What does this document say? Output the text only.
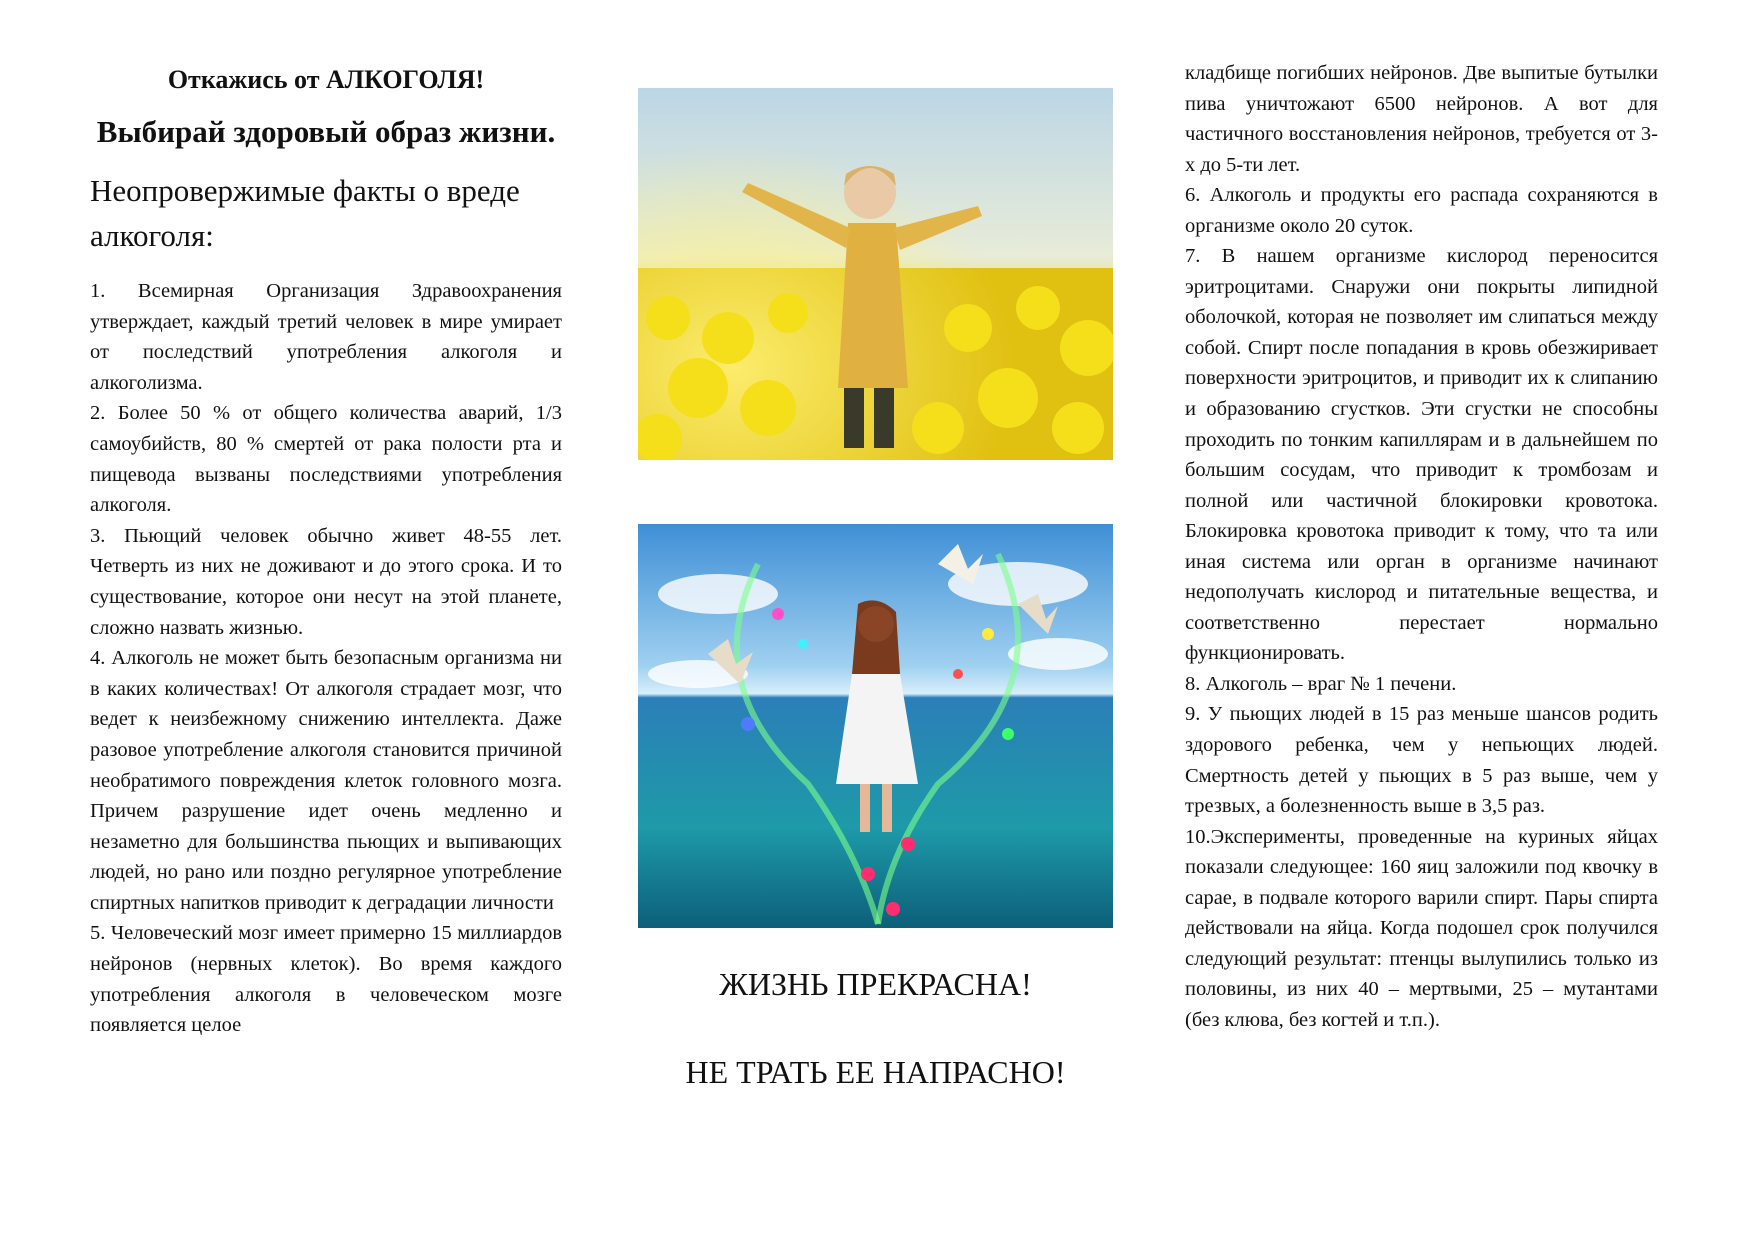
Откажись от АЛКОГОЛЯ!
Выбирай здоровый образ жизни.
Неопровержимые факты о вреде алкоголя:

1. Всемирная Организация Здравоохранения утверждает, каждый третий человек в мире умирает от последствий употребления алкоголя и алкоголизма.

2. Более 50 % от общего количества аварий, 1/3 самоубийств, 80 % смертей от рака полости рта и пищевода вызваны последствиями употребления алкоголя.

3. Пьющий человек обычно живет 48-55 лет. Четверть из них не доживают и до этого срока. И то существование, которое они несут на этой планете, сложно назвать жизнью.

4. Алкоголь не может быть безопасным организма ни в каких количествах! От алкоголя страдает мозг, что ведет к неизбежному снижению интеллекта. Даже разовое употребление алкоголя становится причиной необратимого повреждения клеток головного мозга. Причем разрушение идет очень медленно и незаметно для большинства пьющих и выпивающих людей, но рано или поздно регулярное употребление спиртных напитков приводит к деградации личности

5. Человеческий мозг имеет примерно 15 миллиардов нейронов (нервных клеток). Во время каждого употребления алкоголя в человеческом мозге появляется целое

ЖИЗНЬ ПРЕКРАСНА!

НЕ ТРАТЬ ЕЕ НАПРАСНО!

кладбище погибших нейронов. Две выпитые бутылки пива уничтожают 6500 нейронов. А вот для частичного восстановления нейронов, требуется от 3-х до 5-ти лет.

6. Алкоголь и продукты его распада сохраняются в организме около 20 суток.

7. В нашем организме кислород переносится эритроцитами. Снаружи они покрыты липидной оболочкой, которая не позволяет им слипаться между собой. Спирт после попадания в кровь обезжиривает поверхности эритроцитов, и приводит их к слипанию и образованию сгустков. Эти сгустки не способны проходить по тонким капиллярам и в дальнейшем по большим сосудам, что приводит к тромбозам и полной или частичной блокировки кровотока. Блокировка кровотока приводит к тому, что та или иная система или орган в организме начинают недополучать кислород и питательные вещества, и соответственно перестает нормально функционировать.

8. Алкоголь – враг № 1 печени.

9. У пьющих людей в 15 раз меньше шансов родить здорового ребенка, чем у непьющих людей. Смертность детей у пьющих в 5 раз выше, чем у трезвых, а болезненность выше в 3,5 раз.

10.Эксперименты, проведенные на куриных яйцах показали следующее: 160 яиц заложили под квочку в сарае, в подвале которого варили спирт. Пары спирта действовали на яйца. Когда подошел срок получился следующий результат: птенцы вылупились только из половины, из них 40 – мертвыми, 25 – мутантами (без клюва, без когтей и т.п.).
